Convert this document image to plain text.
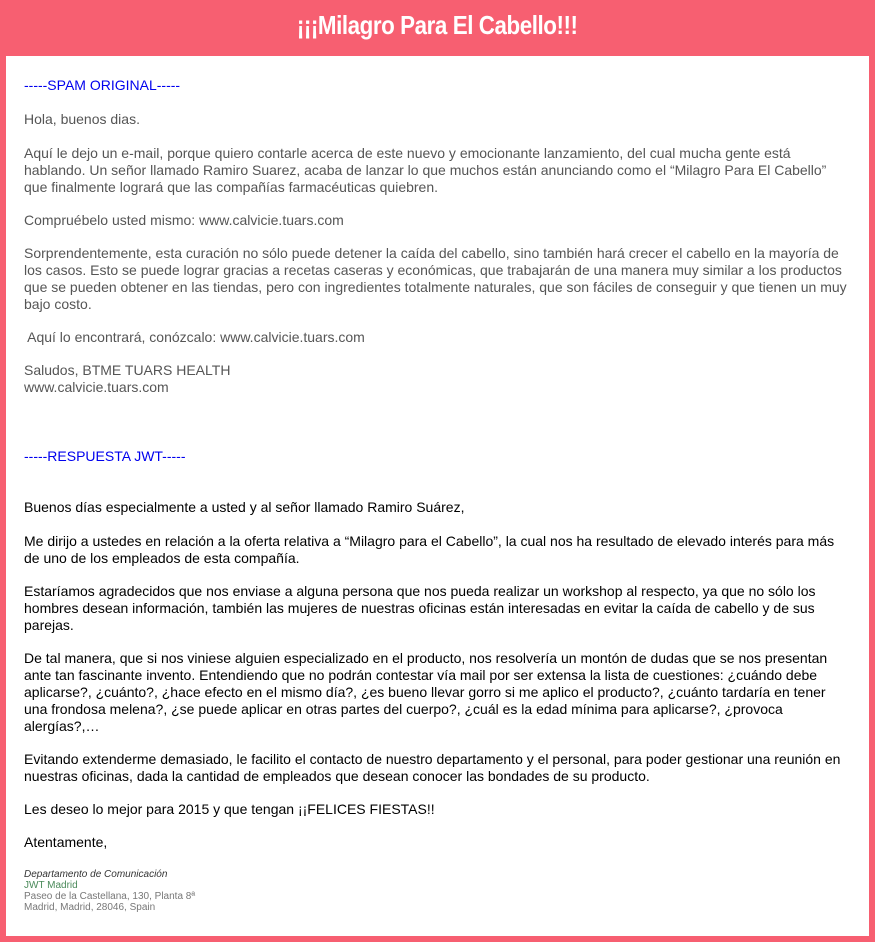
¡¡¡Milagro Para El Cabello!!!

-----SPAM ORIGINAL-----

Hola, buenos dias.

Aquí le dejo un e-mail, porque quiero contarle acerca de este nuevo y emocionante lanzamiento, del cual mucha gente está hablando. Un señor llamado Ramiro Suarez, acaba de lanzar lo que muchos están anunciando como el “Milagro Para El Cabello” que finalmente logrará que las compañías farmacéuticas quiebren.

Compruébelo usted mismo: www.calvicie.tuars.com

Sorprendentemente, esta curación no sólo puede detener la caída del cabello, sino también hará crecer el cabello en la mayoría de los casos. Esto se puede lograr gracias a recetas caseras y económicas, que trabajarán de una manera muy similar a los productos que se pueden obtener en las tiendas, pero con ingredientes totalmente naturales, que son fáciles de conseguir y que tienen un muy bajo costo.

Aquí lo encontrará, conózcalo: www.calvicie.tuars.com

Saludos, BTME TUARS HEALTH

www.calvicie.tuars.com

-----RESPUESTA JWT-----

Buenos días especialmente a usted y al señor llamado Ramiro Suárez,

Me dirijo a ustedes en relación a la oferta relativa a “Milagro para el Cabello”, la cual nos ha resultado de elevado interés para más de uno de los empleados de esta compañía.

Estaríamos agradecidos que nos enviase a alguna persona que nos pueda realizar un workshop al respecto, ya que no sólo los hombres desean información, también las mujeres de nuestras oficinas están interesadas en evitar la caída de cabello y de sus parejas.

De tal manera, que si nos viniese alguien especializado en el producto, nos resolvería un montón de dudas que se nos presentan ante tan fascinante invento. Entendiendo que no podrán contestar vía mail por ser extensa la lista de cuestiones: ¿cuándo debe aplicarse?, ¿cuánto?, ¿hace efecto en el mismo día?, ¿es bueno llevar gorro si me aplico el producto?, ¿cuánto tardaría en tener una frondosa melena?, ¿se puede aplicar en otras partes del cuerpo?, ¿cuál es la edad mínima para aplicarse?, ¿provoca alergías?,…

Evitando extenderme demasiado, le facilito el contacto de nuestro departamento y el personal, para poder gestionar una reunión en nuestras oficinas, dada la cantidad de empleados que desean conocer las bondades de su producto.

Les deseo lo mejor para 2015 y que tengan ¡¡FELICES FIESTAS!!

Atentamente,

Departamento de Comunicación
JWT Madrid
Paseo de la Castellana, 130, Planta 8ª
Madrid, Madrid, 28046, Spain
